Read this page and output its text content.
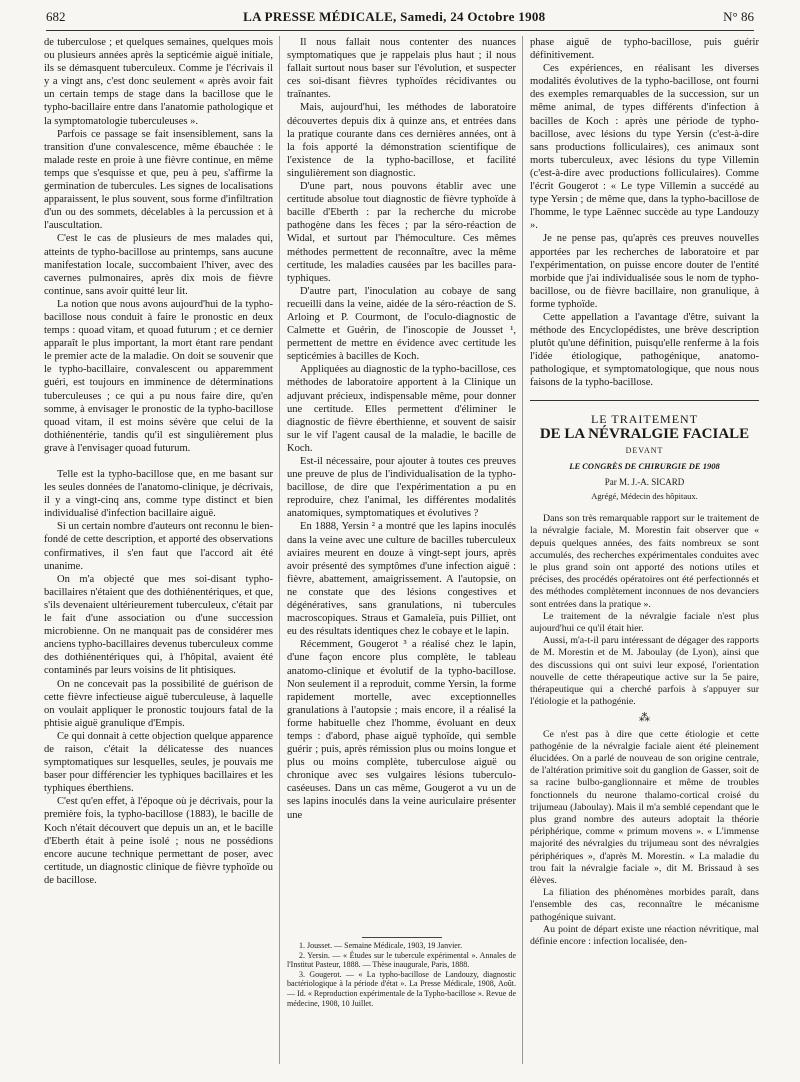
682	LA PRESSE MÉDICALE, Samedi, 24 Octobre 1908	N° 86

de tuberculose ; et quelques semaines, quelques mois ou plusieurs années après la septicémie aiguë initiale, ils se démasquent tuberculeux. Comme je l'écrivais il y a vingt ans, c'est donc seulement « après avoir fait un certain temps de stage dans la bacillose que le typho-bacillaire entre dans l'anatomie pathologique et la symptomatologie tuberculeuses ».

Parfois ce passage se fait insensiblement, sans la transition d'une convalescence, même ébauchée : le malade reste en proie à une fièvre continue, en même temps que s'esquisse et que, peu à peu, s'affirme la germination de tubercules. Les signes de localisations apparaissent, le plus souvent, sous forme d'infiltration d'un ou des sommets, décelables à la percussion et à l'auscultation.

C'est le cas de plusieurs de mes malades qui, atteints de typho-bacillose au printemps, sans aucune manifestation locale, succombaient l'hiver, avec des cavernes pulmonaires, après dix mois de fièvre continue, sans avoir quitté leur lit.

La notion que nous avons aujourd'hui de la typho-bacillose nous conduit à faire le pronostic en deux temps : quoad vitam, et quoad futurum ; et ce dernier apparaît le plus important, la mort étant rare pendant le premier acte de la maladie. On doit se souvenir que le typho-bacillaire, convalescent ou apparemment guéri, est toujours en imminence de déterminations tuberculeuses ; ce qui a pu nous faire dire, qu'en somme, à envisager le pronostic de la typho-bacillose quoad vitam, il est moins sévère que celui de la dothiénentérie, tandis qu'il est singulièrement plus grave à l'envisager quoad futurum.

Telle est la typho-bacillose que, en me basant sur les seules données de l'anatomo-clinique, je décrivais, il y a vingt-cinq ans, comme type distinct et bien individualisé d'infection bacillaire aiguë.

Si un certain nombre d'auteurs ont reconnu le bien-fondé de cette description, et apporté des observations confirmatives, il s'en faut que l'accord ait été unanime.

On m'a objecté que mes soi-disant typho-bacillaires n'étaient que des dothiénentériques, et que, s'ils devenaient ultérieurement tuberculeux, c'était par le fait d'une association ou d'une succession microbienne. On ne manquait pas de considérer mes anciens typho-bacillaires devenus tuberculeux comme des dothiénentériques qui, à l'hôpital, avaient été contaminés par leurs voisins de lit phtisiques.

On ne concevait pas la possibilité de guérison de cette fièvre infectieuse aiguë tuberculeuse, à laquelle on voulait appliquer le pronostic toujours fatal de la phtisie aiguë granulique d'Empis.

Ce qui donnait à cette objection quelque apparence de raison, c'était la délicatesse des nuances symptomatiques sur lesquelles, seules, je pouvais me baser pour différencier les typhiques bacillaires et les typhiques éberthiens.

C'est qu'en effet, à l'époque où je décrivais, pour la première fois, la typho-bacillose (1883), le bacille de Koch n'était découvert que depuis un an, et le bacille d'Eberth était à peine isolé ; nous ne possédions encore aucune technique permettant de poser, avec certitude, un diagnostic clinique de fièvre typhoïde ou de bacillose.

Il nous fallait nous contenter des nuances symptomatiques que je rappelais plus haut ; il nous fallait surtout nous baser sur l'évolution, et suspecter ces soi-disant fièvres typhoïdes récidivantes ou traînantes.

Mais, aujourd'hui, les méthodes de laboratoire découvertes depuis dix à quinze ans, et entrées dans la pratique courante dans ces dernières années, ont à la fois apporté la démonstration scientifique de l'existence de la typho-bacillose, et facilité singulièrement son diagnostic.

D'une part, nous pouvons établir avec une certitude absolue tout diagnostic de fièvre typhoïde à bacille d'Eberth : par la recherche du microbe pathogène dans les fèces ; par la séro-réaction de Widal, et surtout par l'hémoculture. Ces mêmes méthodes permettent de reconnaître, avec la même certitude, les maladies causées par les bacilles para-typhiques.

D'autre part, l'inoculation au cobaye de sang recueilli dans la veine, aidée de la séro-réaction de S. Arloing et P. Courmont, de l'oculo-diagnostic de Calmette et Guérin, de l'inoscopie de Jousset ¹, permettent de mettre en évidence avec certitude les septicémies à bacilles de Koch.

Appliquées au diagnostic de la typho-bacillose, ces méthodes de laboratoire apportent à la Clinique un adjuvant précieux, indispensable même, pour donner une certitude. Elles permettent d'éliminer le diagnostic de fièvre éberthienne, et souvent de saisir sur le vif l'agent causal de la maladie, le bacille de Koch.

Est-il nécessaire, pour ajouter à toutes ces preuves une preuve de plus de l'individualisation de la typho-bacillose, de dire que l'expérimentation a pu en reproduire, chez l'animal, les différentes modalités anatomiques, symptomatiques et évolutives ?

En 1888, Yersin ² a montré que les lapins inoculés dans la veine avec une culture de bacilles tuberculeux aviaires meurent en douze à vingt-sept jours, après avoir présenté des symptômes d'une infection aiguë : fièvre, abattement, amaigrissement. A l'autopsie, on ne constate que des lésions congestives et dégénératives, sans granulations, ni tubercules macroscopiques. Straus et Gamaleïa, puis Pilliet, ont eu des résultats identiques chez le cobaye et le lapin.

Récemment, Gougerot ³ a réalisé chez le lapin, d'une façon encore plus complète, le tableau anatomo-clinique et évolutif de la typho-bacillose. Non seulement il a reproduit, comme Yersin, la forme rapidement mortelle, avec exceptionnelles granulations à l'autopsie ; mais encore, il a réalisé la forme habituelle chez l'homme, évoluant en deux temps : d'abord, phase aiguë typhoïde, qui semble guérir ; puis, après rémission plus ou moins longue et plus ou moins complète, tuberculose aiguë ou chronique avec ses vulgaires lésions tuberculo-caséeuses. Dans un cas même, Gougerot a vu un de ses lapins inoculés dans la veine auriculaire présenter une

1. Jousset. — Semaine Médicale, 1903, 19 Janvier.
2. Yersin. — « Études sur le tubercule expérimental ». Annales de l'Institut Pasteur, 1888. — Thèse inaugurale, Paris, 1888.
3. Gougerot. — « La typho-bacillose de Landouzy, diagnostic bactériologique à la période d'état ». La Presse Médicale, 1908, Août. — Id. « Reproduction expérimentale de la Typho-bacillose ». Revue de médecine, 1908, 10 Juillet.

phase aiguë de typho-bacillose, puis guérir définitivement.

Ces expériences, en réalisant les diverses modalités évolutives de la typho-bacillose, ont fourni des exemples remarquables de la succession, sur un même animal, de types différents d'infection à bacilles de Koch : après une période de typho-bacillose, avec lésions du type Yersin (c'est-à-dire sans productions folliculaires), ces animaux sont morts tuberculeux, avec lésions du type Villemin (c'est-à-dire avec productions folliculaires). Comme l'écrit Gougerot : « Le type Villemin a succédé au type Yersin ; de même que, dans la typho-bacillose de l'homme, le type Laënnec succède au type Landouzy ».

Je ne pense pas, qu'après ces preuves nouvelles apportées par les recherches de laboratoire et par l'expérimentation, on puisse encore douter de l'entité morbide que j'ai individualisée sous le nom de typho-bacillose, ou de fièvre bacillaire, non granulique, à forme typhoïde.

Cette appellation a l'avantage d'être, suivant la méthode des Encyclopédistes, une brève description plutôt qu'une définition, puisqu'elle renferme à la fois l'idée étiologique, pathogénique, anatomo-pathologique, et symptomatologique, que nous nous faisons de la typho-bacillose.

LE TRAITEMENT
DE LA NÉVRALGIE FACIALE
DEVANT
LE CONGRÈS DE CHIRURGIE DE 1908
Par M. J.-A. SICARD
Agrégé, Médecin des hôpitaux.

Dans son très remarquable rapport sur le traitement de la névralgie faciale, M. Morestin fait observer que « depuis quelques années, des faits nombreux se sont accumulés, des recherches expérimentales conduites avec le plus grand soin ont apporté des notions utiles et précises, des procédés opératoires ont été perfectionnés et des méthodes complètement inconnues de nos devanciers sont entrées dans la pratique ».

Le traitement de la névralgie faciale n'est plus aujourd'hui ce qu'il était hier.

Aussi, m'a-t-il paru intéressant de dégager des rapports de M. Morestin et de M. Jaboulay (de Lyon), ainsi que des discussions qui ont suivi leur exposé, l'orientation nouvelle de cette thérapeutique active sur la 5e paire, thérapeutique qui a cherché parfois à s'appuyer sur l'étiologie et la pathogénie.

⁂

Ce n'est pas à dire que cette étiologie et cette pathogénie de la névralgie faciale aient été pleinement élucidées. On a parlé de nouveau de son origine centrale, de l'altération primitive soit du ganglion de Gasser, soit de sa racine bulbo-ganglionnaire et même de troubles fonctionnels du neurone thalamo-cortical croisé du trijumeau (Jaboulay). Mais il m'a semblé cependant que le plus grand nombre des auteurs adoptait la théorie périphérique, comme « primum movens ». « L'immense majorité des névralgies du trijumeau sont des névralgies périphériques », d'après M. Morestin. « La maladie du trou fait la névralgie faciale », dit M. Brissaud à ses élèves.

La filiation des phénomènes morbides paraît, dans l'ensemble des cas, reconnaître le mécanisme pathogénique suivant.

Au point de départ existe une réaction névritique, mal définie encore : infection localisée, den-
